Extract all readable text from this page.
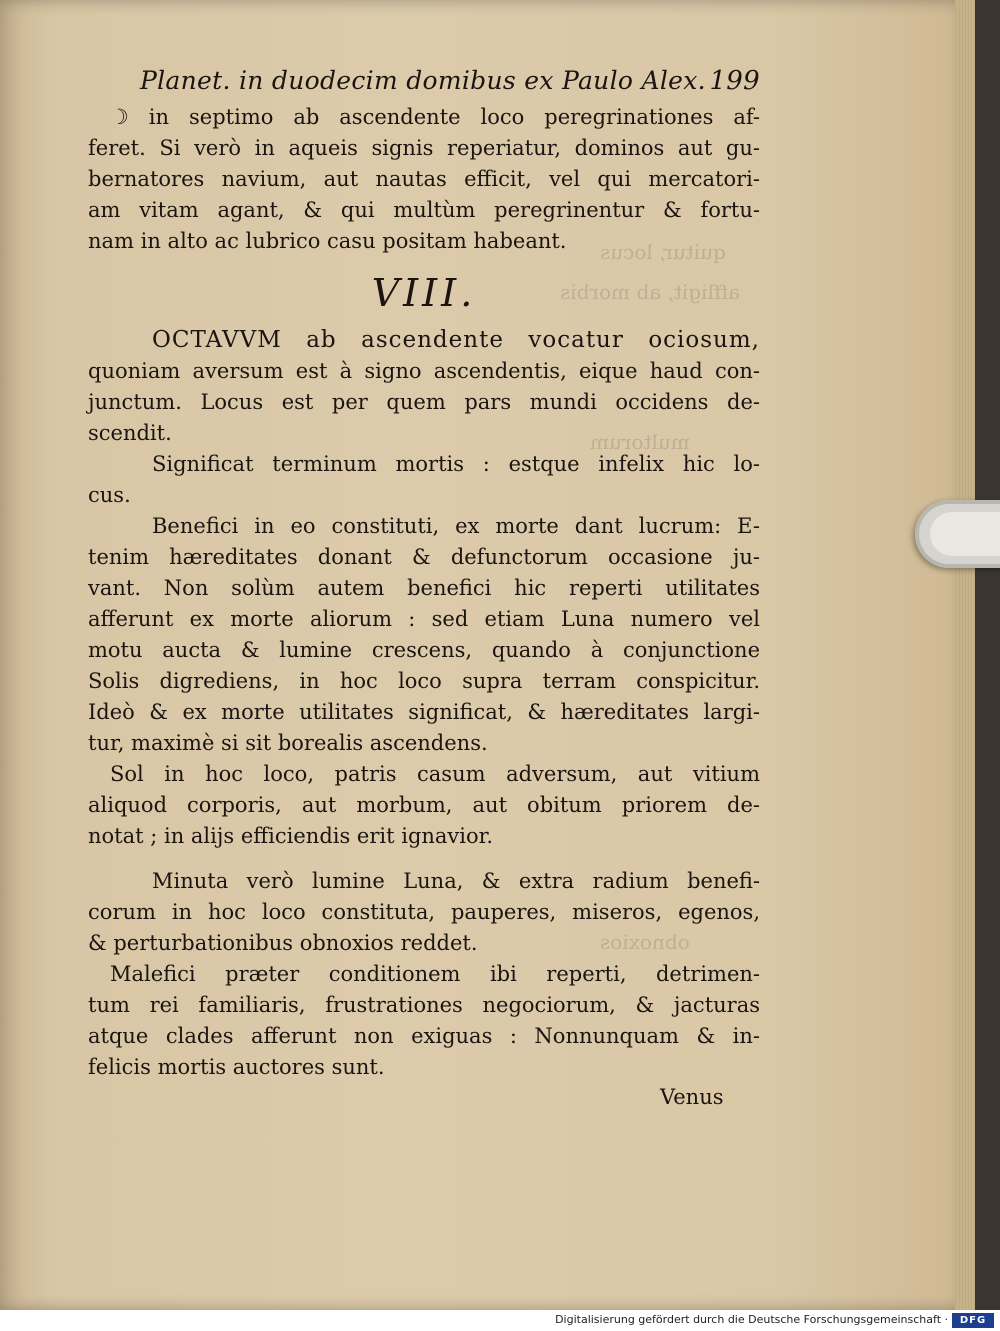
quitur, locus
affligit, ab morbis
multorum
obnoxios
Planet. in duodecim domibus ex Paulo Alex. 199
☽ in septimo ab ascendente loco peregrinationes af-
feret. Si verò in aqueis signis reperiatur, dominos aut gu-
bernatores navium, aut nautas efficit, vel qui mercatori-
am vitam agant, & qui multùm peregrinentur & fortu-
nam in alto ac lubrico casu positam habeant.
VIII.
OCTAVVM ab ascendente vocatur ociosum,
quoniam aversum est à signo ascendentis, eique haud con-
junctum. Locus est per quem pars mundi occidens de-
scendit.
Significat terminum mortis : estque infelix hic lo-
cus.
Benefici in eo constituti, ex morte dant lucrum: E-
tenim hæreditates donant & defunctorum occasione ju-
vant. Non solùm autem benefici hic reperti utilitates
afferunt ex morte aliorum : sed etiam Luna numero vel
motu aucta & lumine crescens, quando à conjunctione
Solis digrediens, in hoc loco supra terram conspicitur.
Ideò & ex morte utilitates significat, & hæreditates largi-
tur, maximè si sit borealis ascendens.
Sol in hoc loco, patris casum adversum, aut vitium
aliquod corporis, aut morbum, aut obitum priorem de-
notat ; in alijs efficiendis erit ignavior.
Minuta verò lumine Luna, & extra radium benefi-
corum in hoc loco constituta, pauperes, miseros, egenos,
& perturbationibus obnoxios reddet.
Malefici præter conditionem ibi reperti, detrimen-
tum rei familiaris, frustrationes negociorum, & jacturas
atque clades afferunt non exiguas : Nonnunquam & in-
felicis mortis auctores sunt.
Venus
Digitalisierung gefördert durch die Deutsche Forschungsgemeinschaft ·	DFG
